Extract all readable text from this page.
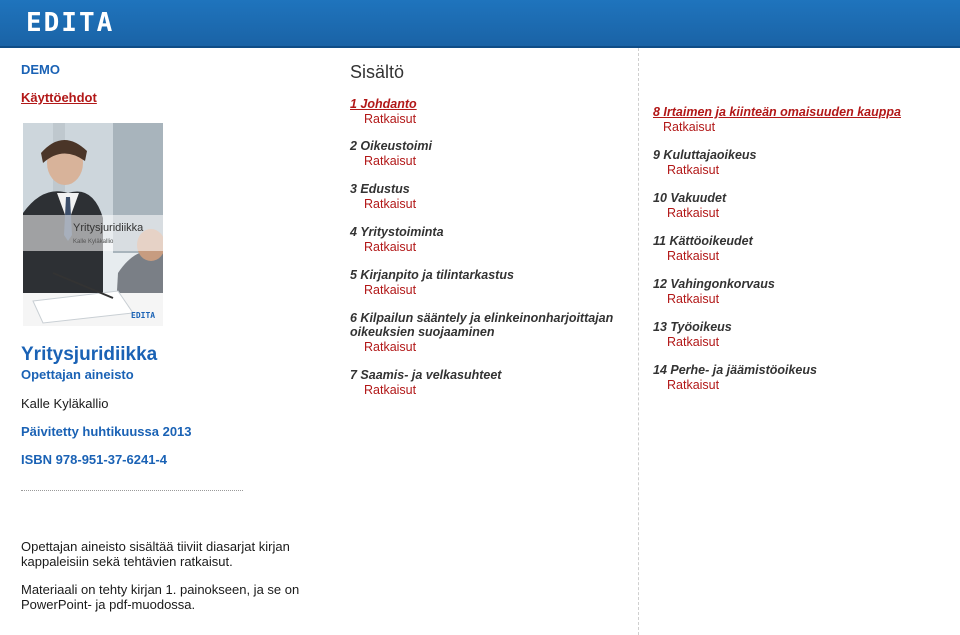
EDITA
DEMO
Käyttöehdot
Yritysjuridiikka
Kalle Kyläkallio
EDITA
Yritysjuridiikka
Opettajan aineisto
Kalle Kyläkallio
Päivitetty huhtikuussa 2013
ISBN 978-951-37-6241-4
Opettajan aineisto sisältää tiiviit diasarjat kirjan kappaleisiin sekä tehtävien ratkaisut.
Materiaali on tehty kirjan 1. painokseen, ja se on PowerPoint- ja pdf-muodossa.
Sisältö
1 Johdanto
Ratkaisut
2 Oikeustoimi
Ratkaisut
3 Edustus
Ratkaisut
4 Yritystoiminta
Ratkaisut
5 Kirjanpito ja tilintarkastus
Ratkaisut
6 Kilpailun sääntely ja elinkeinonharjoittajan oikeuksien suojaaminen
Ratkaisut
7 Saamis- ja velkasuhteet
Ratkaisut
8 Irtaimen ja kiinteän omaisuuden kauppa
Ratkaisut
9 Kuluttajaoikeus
Ratkaisut
10 Vakuudet
Ratkaisut
11 Kättöoikeudet
Ratkaisut
12 Vahingonkorvaus
Ratkaisut
13 Työoikeus
Ratkaisut
14 Perhe- ja jäämistöoikeus
Ratkaisut
